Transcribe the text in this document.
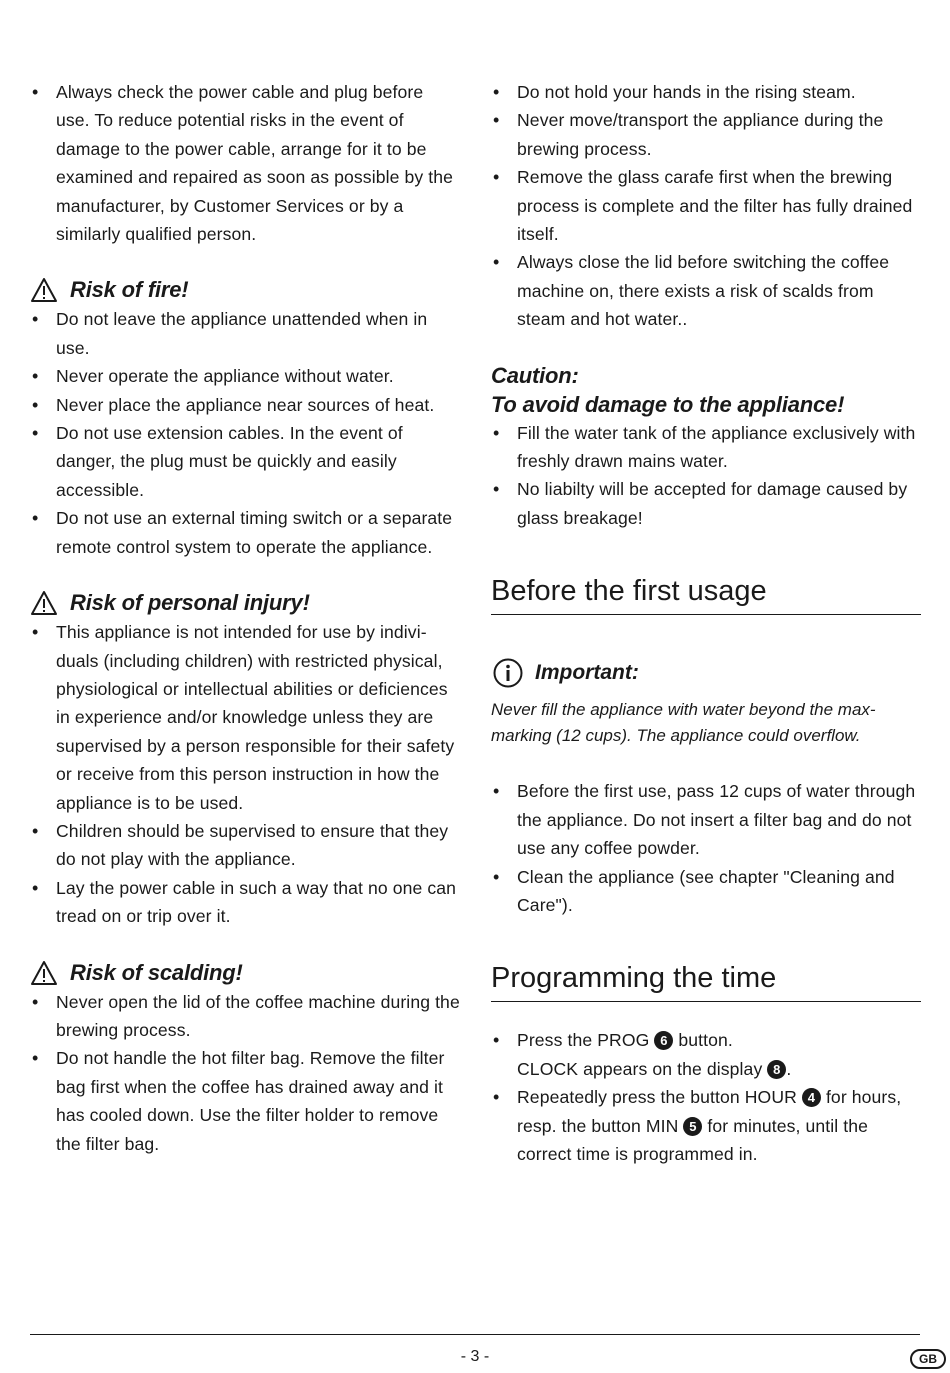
• Always check the power cable and plug before use. To reduce potential risks in the event of damage to the power cable, arrange for it to be examined and repaired as soon as possible by the manufacturer, by Customer Services or by a similarly qualified person.
Risk of fire!
• Do not leave the appliance unattended when in use.
• Never operate the appliance without water.
• Never place the appliance near sources of heat.
• Do not use extension cables. In the event of danger, the plug must be quickly and easily accessible.
• Do not use an external timing switch or a separate remote control system to operate the appliance.
Risk of personal injury!
• This appliance is not intended for use by indivi-duals (including children) with restricted physical, physiological or intellectual abilities or deficiences in experience and/or knowledge unless they are supervised by a person responsible for their safety or receive from this person instruction in how the appliance is to be used.
• Children should be supervised to ensure that they do not play with the appliance.
• Lay the power cable in such a way that no one can tread on or trip over it.
Risk of scalding!
• Never open the lid of the coffee machine during the brewing process.
• Do not handle the hot filter bag. Remove the filter bag first when the coffee has drained away and it has cooled down. Use the filter holder to remove the filter bag.
• Do not hold your hands in the rising steam.
• Never move/transport the appliance during the brewing process.
• Remove the glass carafe first when the brewing process is complete and the filter has fully drained itself.
• Always close the lid before switching the coffee machine on, there exists a risk of scalds from steam and hot water..
Caution:
To avoid damage to the appliance!
• Fill the water tank of the appliance exclusively with freshly drawn mains water.
• No liabilty will be accepted for damage caused by glass breakage!
Before the first usage
Important:
Never fill the appliance with water beyond the max-marking (12 cups). The appliance could overflow.
• Before the first use, pass 12 cups of water through the appliance. Do not insert a filter bag and do not use any coffee powder.
• Clean the appliance (see chapter "Cleaning and Care").
Programming the time
• Press the PROG 6 button.
CLOCK appears on the display 8 .
• Repeatedly press the button HOUR 4 for hours, resp. the button MIN 5 for minutes, until the correct time is programmed in.
- 3 -	GB
